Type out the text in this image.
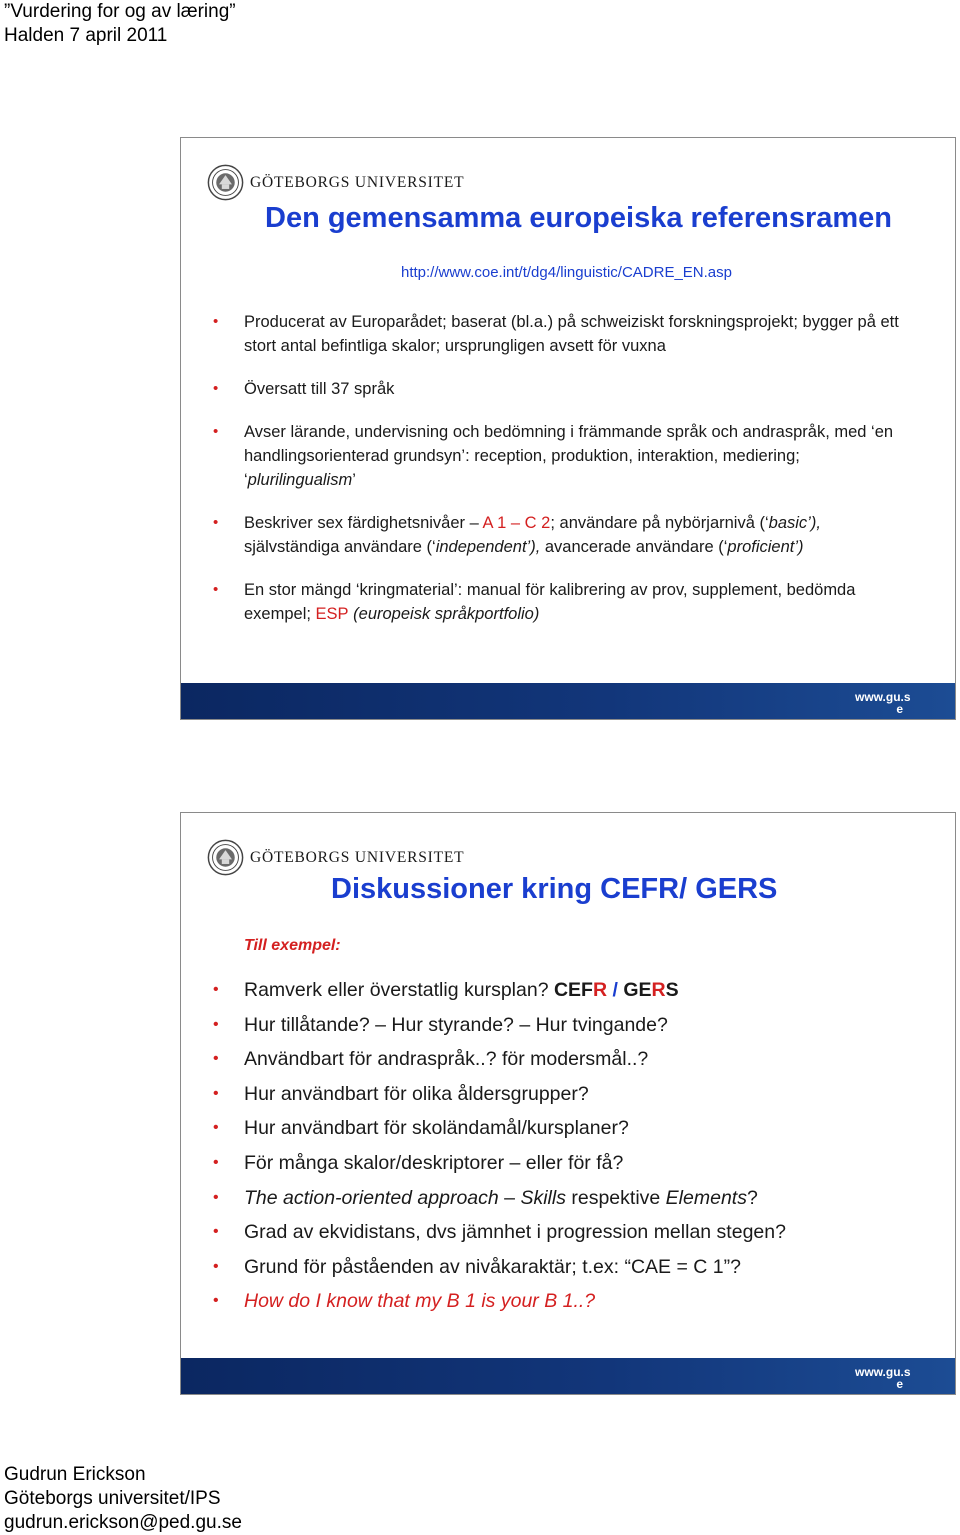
”Vurdering for og av læring”
Halden 7 april 2011
GÖTEBORGS UNIVERSITET
Den gemensamma europeiska referensramen
http://www.coe.int/t/dg4/linguistic/CADRE_EN.asp
• Producerat av Europarådet; baserat (bl.a.) på schweiziskt forskningsprojekt; bygger på ett stort antal befintliga skalor; ursprungligen avsett för vuxna
• Översatt till 37 språk
• Avser lärande, undervisning och bedömning i främmande språk och andraspråk, med ‘en handlingsorienterad grundsyn’: reception, produktion, interaktion, mediering; ‘plurilingualism’
• Beskriver sex färdighetsnivåer – A 1 – C 2; användare på nybörjarnivå (‘basic’), självständiga användare (‘independent’), avancerade användare (‘proficient’)
• En stor mängd ‘kringmaterial’: manual för kalibrering av prov, supplement, bedömda exempel; ESP (europeisk språkportfolio)
www.gu.s
e
GÖTEBORGS UNIVERSITET
Diskussioner kring CEFR/ GERS
Till exempel:
• Ramverk eller överstatlig kursplan? CEFR / GERS
• Hur tillåtande? – Hur styrande? – Hur tvingande?
• Användbart för andraspråk..? för modersmål..?
• Hur användbart för olika åldersgrupper?
• Hur användbart för skoländamål/kursplaner?
• För många skalor/deskriptorer – eller för få?
• The action-oriented approach – Skills respektive Elements?
• Grad av ekvidistans, dvs jämnhet i progression mellan stegen?
• Grund för påståenden av nivåkaraktär; t.ex: “CAE = C 1”?
• How do I know that my B 1 is your B 1..?
www.gu.s
e
Gudrun Erickson
Göteborgs universitet/IPS
gudrun.erickson@ped.gu.se
